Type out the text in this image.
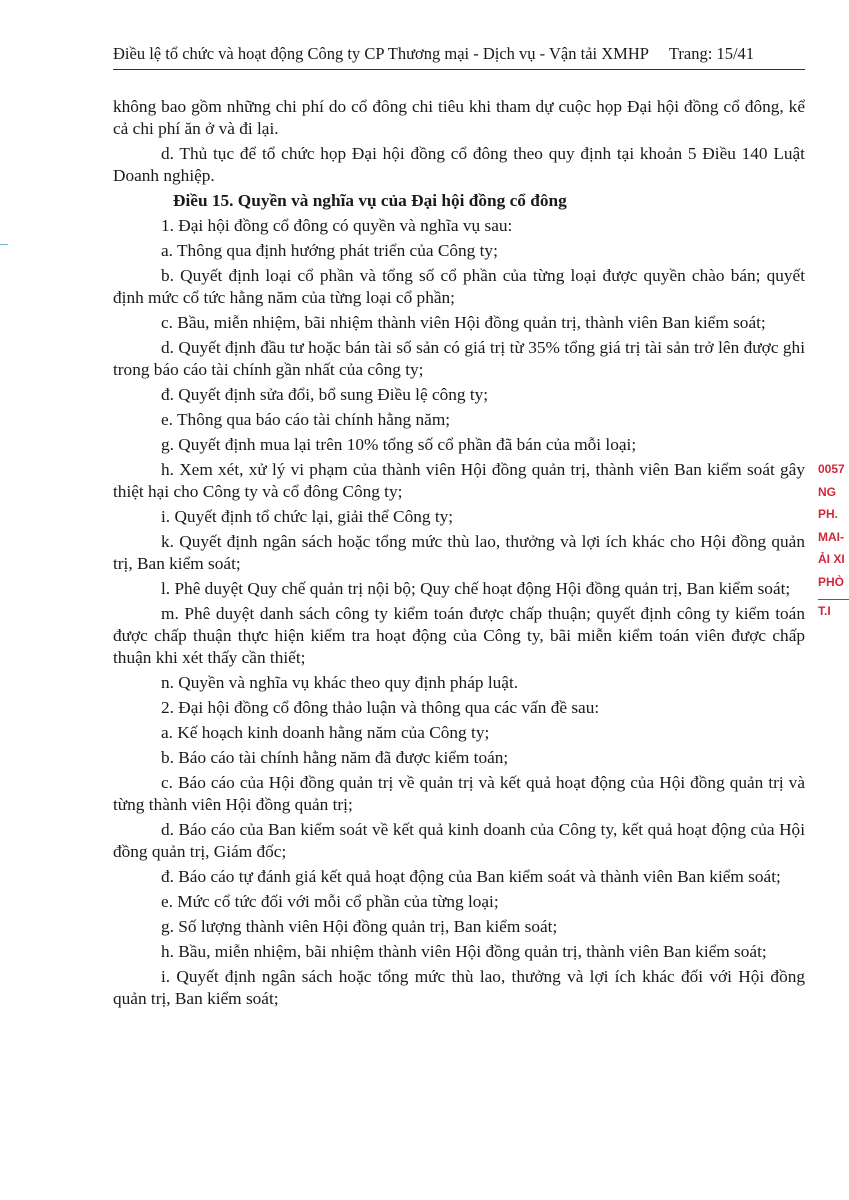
Điều lệ tổ chức và hoạt động Công ty CP Thương mại - Dịch vụ - Vận tải XMHP Trang: 15/41

không bao gồm những chi phí do cổ đông chi tiêu khi tham dự cuộc họp Đại hội đồng cổ đông, kể cả chi phí ăn ở và đi lại.

d. Thủ tục để tổ chức họp Đại hội đồng cổ đông theo quy định tại khoản 5 Điều 140 Luật Doanh nghiệp.

Điều 15. Quyền và nghĩa vụ của Đại hội đồng cổ đông

1. Đại hội đồng cổ đông có quyền và nghĩa vụ sau:

a. Thông qua định hướng phát triển của Công ty;

b. Quyết định loại cổ phần và tổng số cổ phần của từng loại được quyền chào bán; quyết định mức cổ tức hằng năm của từng loại cổ phần;

c. Bầu, miễn nhiệm, bãi nhiệm thành viên Hội đồng quản trị, thành viên Ban kiểm soát;

d. Quyết định đầu tư hoặc bán tài số sản có giá trị từ 35% tổng giá trị tài sản trở lên được ghi trong báo cáo tài chính gần nhất của công ty;

đ. Quyết định sửa đổi, bổ sung Điều lệ công ty;

e. Thông qua báo cáo tài chính hằng năm;

g. Quyết định mua lại trên 10% tổng số cổ phần đã bán của mỗi loại;

h. Xem xét, xử lý vi phạm của thành viên Hội đồng quản trị, thành viên Ban kiểm soát gây thiệt hại cho Công ty và cổ đông Công ty;

i. Quyết định tổ chức lại, giải thể Công ty;

k. Quyết định ngân sách hoặc tổng mức thù lao, thưởng và lợi ích khác cho Hội đồng quản trị, Ban kiểm soát;

l. Phê duyệt Quy chế quản trị nội bộ; Quy chế hoạt động Hội đồng quản trị, Ban kiểm soát;

m. Phê duyệt danh sách công ty kiểm toán được chấp thuận; quyết định công ty kiểm toán được chấp thuận thực hiện kiểm tra hoạt động của Công ty, bãi miễn kiểm toán viên được chấp thuận khi xét thấy cần thiết;

n. Quyền và nghĩa vụ khác theo quy định pháp luật.

2. Đại hội đồng cổ đông thảo luận và thông qua các vấn đề sau:

a. Kế hoạch kinh doanh hằng năm của Công ty;

b. Báo cáo tài chính hằng năm đã được kiểm toán;

c. Báo cáo của Hội đồng quản trị về quản trị và kết quả hoạt động của Hội đồng quản trị và từng thành viên Hội đồng quản trị;

d. Báo cáo của Ban kiểm soát về kết quả kinh doanh của Công ty, kết quả hoạt động của Hội đồng quản trị, Giám đốc;

đ. Báo cáo tự đánh giá kết quả hoạt động của Ban kiểm soát và thành viên Ban kiểm soát;

e. Mức cổ tức đối với mỗi cổ phần của từng loại;

g. Số lượng thành viên Hội đồng quản trị, Ban kiểm soát;

h. Bầu, miễn nhiệm, bãi nhiệm thành viên Hội đồng quản trị, thành viên Ban kiểm soát;

i. Quyết định ngân sách hoặc tổng mức thù lao, thưởng và lợi ích khác đối với Hội đồng quản trị, Ban kiểm soát;

0057
NG
PH.
MAI-
ẢI XI
PHÒ
T.I
